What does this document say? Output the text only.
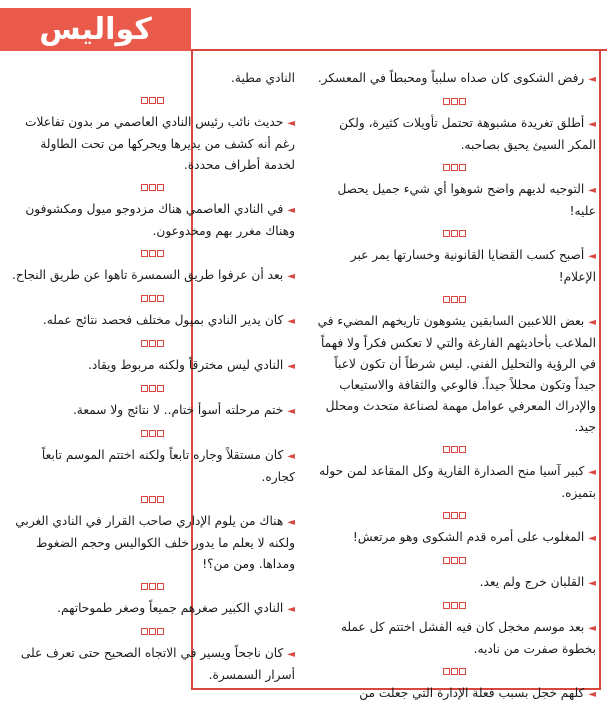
كواليس

◄رفض الشكوى كان صداه سلبياً ومحبطاً في المعسكر.

◄أطلق تغريدة مشبوهة تحتمل تأويلات كثيرة، ولكن المكر السيئ يحيق بصاحبه.

◄التوجيه لديهم واضح شوهوا أي شيء جميل يحصل عليه!

◄أصبح كسب القضايا القانونية وخسارتها يمر عبر الإعلام!

◄بعض اللاعبين السابقين يشوهون تاريخهم المضيء في الملاعب بأحاديثهم الفارغة والتي لا تعكس فكراً ولا فهماً في الرؤية والتحليل الفني. ليس شرطاً أن تكون لاعباً جيداً وتكون محللاً جيداً. فالوعي والثقافة والاستيعاب والإدراك المعرفي عوامل مهمة لصناعة متحدث ومحلل جيد.

◄كبير آسيا منح الصدارة القارية وكل المقاعد لمن حوله بتميزه.

◄المغلوب على أمره قدم الشكوى وهو مرتعش!

◄القلبان خرج ولم يعد.

◄بعد موسم مخجل كان فيه الفشل اختتم كل عمله بخطوة صفرت من ناديه.

◄كلهم خجل بسبب فعلة الإدارة التي جعلت من

النادي مطية.

◄حديث نائب رئيس النادي العاصمي مر بدون تفاعلات رغم أنه كشف من يديرها ويحركها من تحت الطاولة لخدمة أطراف محددة.

◄في النادي العاصمي هناك مزدوجو ميول ومكشوفون وهناك مغرر بهم ومخدوعون.

◄بعد أن عرفوا طريق السمسرة تاهوا عن طريق النجاح.

◄كان يدير النادي بميول مختلف فحصد نتائج عمله.

◄النادي ليس مخترقاً ولكنه مربوط ويقاد.

◄ختم مرحلته أسوأ ختام.. لا نتائج ولا سمعة.

◄كان مستقلاً وجاره تابعاً ولكنه اختتم الموسم تابعاً كجاره.

◄هناك من يلوم الإداري صاحب القرار في النادي الغربي ولكنه لا يعلم ما يدور خلف الكواليس وحجم الضغوط ومداها. ومن من؟!

◄النادي الكبير صغرهم جميعاً وصغر طموحاتهم.

◄كان ناجحاً ويسير في الاتجاه الصحيح حتى تعرف على أسرار السمسرة.
